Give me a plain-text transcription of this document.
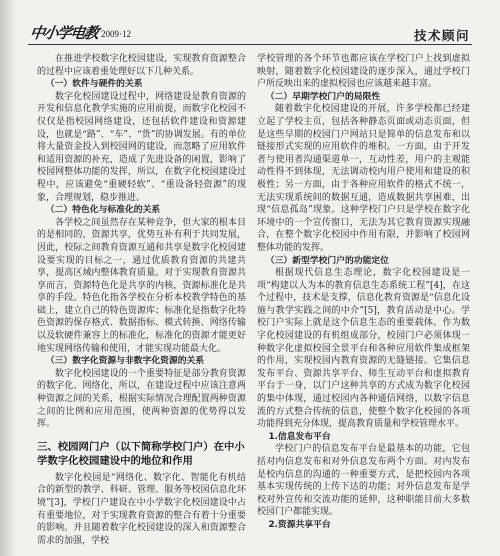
中小学电教 2009·12	技术顾问

在推进学校数字化校园建设，实现教育资源整合的过程中应该着重处理好以下几种关系。

（一）软件与硬件的关系

数字化校园建设过程中，网络建设是教育资源的开发和信息化教学实施的应用前提，而数字化校园不仅仅是指校园网络建设，还包括软件建设和资源建设，也就是“路”、“车”、“货”的协调发展。有的单位将大量资金投入到校园网的建设，而忽略了应用软件和适用资源的补充，造成了先进设备的闲置，影响了校园网整体功能的发挥，所以，在数字化校园建设过程中，应该避免“重硬轻软”、“重设备轻资源”的现象，合理规划，稳步推进。

（二）特色化与标准化的关系

各学校之间虽然存在某种竞争，但大家的根本目的是相同的，资源共享，优势互补有利于共同发展，因此，校际之间教育资源互通和共享是数字化校园建设要实现的目标之一，通过优质教育资源的共建共享，提高区域内整体教育质量。对于实现教育资源共享而言，资源特色化是共享的内核，资源标准化是共享的手段。特色化指各学校在分析本校教学特色的基础上，建立自己的特色资源库；标准化是指数字化特色资源的保存格式、数据指标、模式转换、网络传输以及软硬件兼容上的标准化，标准化的资源才能更好地实现网络传输和使用，才能实现功能最大化。

（三）数字化资源与非数字化资源的关系

数字化校园建设的一个重要特征是部分教育资源的数字化、网络化，所以，在建设过程中应该注意两种资源之间的关系，根据实际情况合理配置两种资源之间的比例和应用范围，使两种资源的优势得以发挥。

三、校园网门户（以下简称学校门户）在中小学数字化校园建设中的地位和作用

数字化校园是“网络化、数字化、智能化有机结合的新型的教学、科研、管理、服务等校园信息化环境”[3]，学校门户建设在中小学数字化校园建设中占有重要地位，对于实现教育资源的整合有着十分重要的影响。并且随着数字化校园建设的深入和资源整合需求的加强，学校

学校管理的各个环节也都应该在学校门户上找到虚拟映射，随着数字化校园建设的逐步深入，通过学校门户所反映出来的虚拟校园也应该越来越丰富。

（二）早期学校门户的局限性

随着数字化校园建设的开展，许多学校都已经建立起了学校主页，包括各种静态页面或动态页面，但是这些早期的校园门户网站只是简单的信息发布和以链接形式实现的应用软件的堆积。一方面，由于开发者与使用者沟通渠道单一，互动性差，用户的主观能动性得不到体现，无法调动校内用户使用和建设的积极性；另一方面，由于各种应用软件的格式不统一，无法实现系统间的数据互通，造成数据共享困难，出现“信息孤岛”现象。这种学校门户只是学校在数字化环境中的一个宣传窗口，无法为其它教育资源实现融合，在整个数字化校园中作用有限，并影响了校园网整体功能的发挥。

（三）新型学校门户的功能定位

根据现代信息生态理论，数字化校园建设是一项“构建以人为本的教育信息生态系统工程”[4]，在这个过程中，技术是支撑，信息化教育资源是“信息化设施与教学实践之间的中介”[5]，教育活动是中心。学校门户实际上就是这个信息生态的重要载体。作为数字化校园建设的有机组成部分，校园门户必须体现一种数字化虚拟校园全景平台和各种应用软件集成框架的作用，实现校园内教育资源的无缝链接。它集信息发布平台、资源共享平台、师生互动平台和虚拟教育平台于一身，以门户这种共享的方式成为数字化校园的集中体现，通过校园内各种通信网络，以数字信息流的方式整合传统的信息，使整个数字化校园的各项功能得到充分体现，提高教育质量和学校管理水平。

1.信息发布平台

学校门户的信息发布平台是最基本的功能，它包括对内信息发布和对外信息发布两个方面。对内发布是校内信息的沟通的一种重要方式，是把校园内各项基本实现传统的上传下达的功能；对外信息发布是学校对外宣传和交流功能的延伸，这种职能目前大多数校园门户都能实现。

2.资源共享平台
